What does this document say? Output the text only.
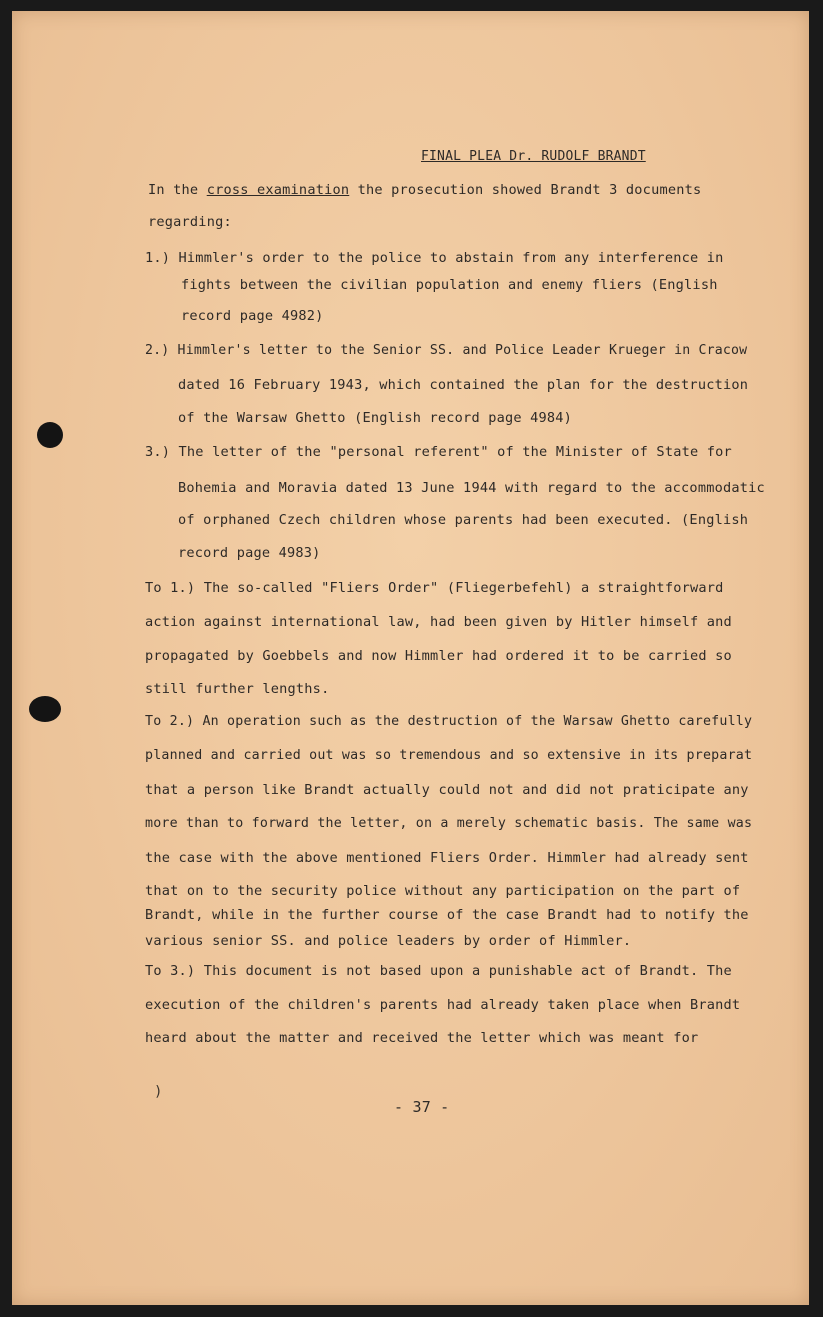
)
FINAL PLEA Dr. RUDOLF BRANDT
In the cross examination the prosecution showed Brandt 3 documents
regarding:
1.) Himmler's order to the police to abstain from any interference in
fights between the civilian population and enemy fliers (English
record page 4982)
2.) Himmler's letter to the Senior SS. and Police Leader Krueger in Cracow
dated 16 February 1943, which contained the plan for the destruction
of the Warsaw Ghetto (English record page 4984)
3.) The letter of the "personal referent" of the Minister of State for
Bohemia and Moravia dated 13 June 1944 with regard to the accommodatic
of orphaned Czech children whose parents had been executed. (English
record page 4983)
To 1.) The so-called "Fliers Order" (Fliegerbefehl) a straightforward
action against international law, had been given by Hitler himself and
propagated by Goebbels and now Himmler had ordered it to be carried so
still further lengths.
To 2.) An operation such as the destruction of the Warsaw Ghetto carefully
planned and carried out was so tremendous and so extensive in its preparat
that a person like Brandt actually could not and did not praticipate any
more than to forward the letter, on a merely schematic basis. The same was
the case with the above mentioned Fliers Order. Himmler had already sent
that on to the security police without any participation on the part of
Brandt, while in the further course of the case Brandt had to notify the
various senior SS. and police leaders by order of Himmler.
To 3.) This document is not based upon a punishable act of Brandt. The
execution of the children's parents had already taken place when Brandt
heard about the matter and received the letter which was meant for
- 37 -
